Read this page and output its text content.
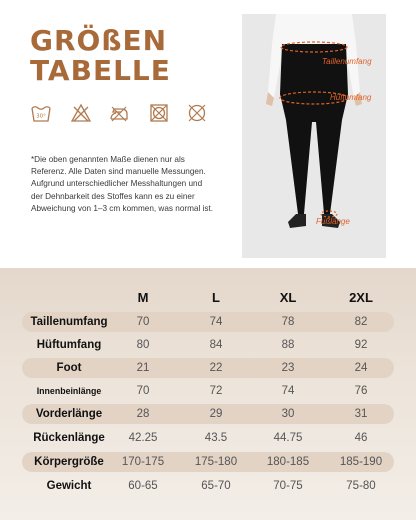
GRÖßEN
TABELLE
30°

*Die oben genannten Maße dienen nur als Referenz. Alle Daten sind manuelle Messungen. Aufgrund unterschiedlicher Messhaltungen und der Dehnbarkeit des Stoffes kann es zu einer Abweichung von 1–3 cm kommen, was normal ist.

Taillenumfang
Hüftumfang
Fußlänge
M	L	XL	2XL
Taillenumfang	70	74	78	82
Hüftumfang	80	84	88	92
Foot	21	22	23	24
Innenbeinlänge	70	72	74	76
Vorderlänge	28	29	30	31
Rückenlänge	42.25	43.5	44.75	46
Körpergröße	170-175	175-180	180-185	185-190
Gewicht	60-65	65-70	70-75	75-80
